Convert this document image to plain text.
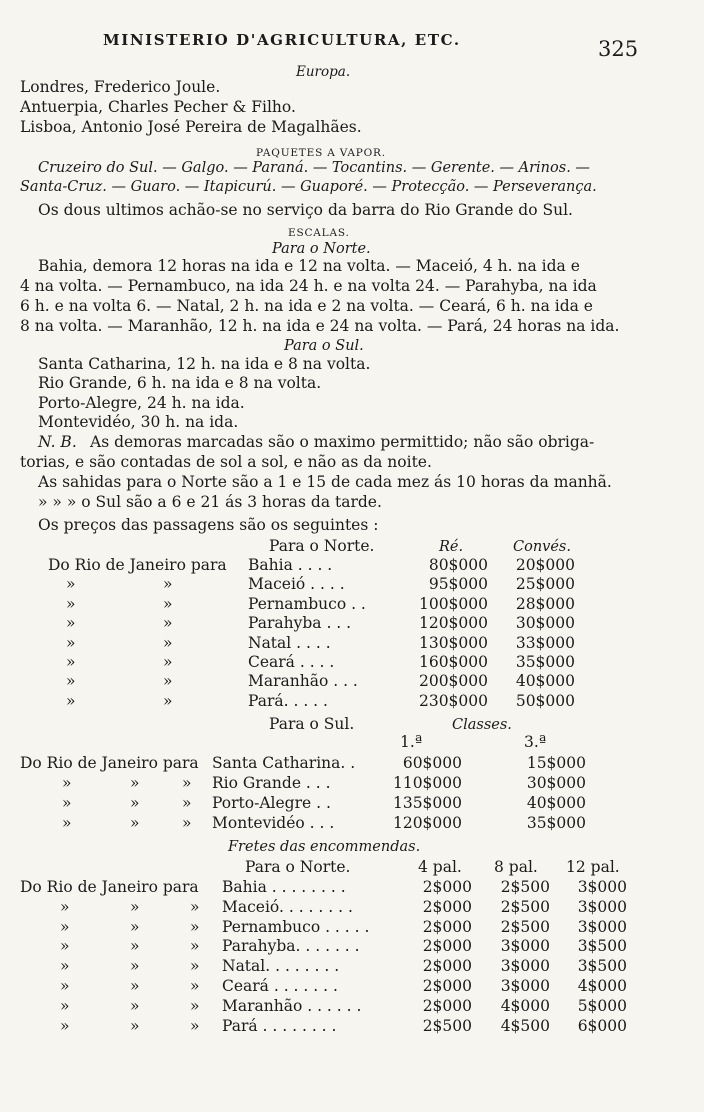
MINISTERIO D'AGRICULTURA, ETC.	325
Europa.
Londres, Frederico Joule.
Antuerpia, Charles Pecher & Filho.
Lisboa, Antonio José Pereira de Magalhães.
PAQUETES A VAPOR.
Cruzeiro do Sul. — Galgo. — Paraná. — Tocantins. — Gerente. — Arinos. —
Santa-Cruz. — Guaro. — Itapicurú. — Guaporé. — Protecção. — Perseverança.
Os dous ultimos achão-se no serviço da barra do Rio Grande do Sul.
ESCALAS.
Para o Norte.
Bahia, demora 12 horas na ida e 12 na volta. — Maceió, 4 h. na ida e
4 na volta. — Pernambuco, na ida 24 h. e na volta 24. — Parahyba, na ida
6 h. e na volta 6. — Natal, 2 h. na ida e 2 na volta. — Ceará, 6 h. na ida e
8 na volta. — Maranhão, 12 h. na ida e 24 na volta. — Pará, 24 horas na ida.
Para o Sul.
Santa Catharina, 12 h. na ida e 8 na volta.
Rio Grande, 6 h. na ida e 8 na volta.
Porto-Alegre, 24 h. na ida.
Montevidéo, 30 h. na ida.
N. B. As demoras marcadas são o maximo permittido; não são obriga-
torias, e são contadas de sol a sol, e não as da noite.
As sahidas para o Norte são a 1 e 15 de cada mez ás 10 horas da manhã.
» » » o Sul são a 6 e 21 ás 3 horas da tarde.
Os preços das passagens são os seguintes :
Para o Norte.	Ré.	Convés.
Do Rio de Janeiro para Bahia . . . .	80$000 20$000
»	»	Maceió . . . .	95$000 25$000
»	»	Pernambuco . .	100$000 28$000
»	»	Parahyba . . .	120$000 30$000
»	»	Natal . . . .	130$000 33$000
»	»	Ceará . . . .	160$000 35$000
»	»	Maranhão . . .	200$000 40$000
»	»	Pará. . . . .	230$000 50$000
Para o Sul.	Classes.
1.ª	3.ª
Do Rio de Janeiro para Santa Catharina. .	60$000	15$000
»	»	» Rio Grande . . .	110$000	30$000
»	»	» Porto-Alegre . .	135$000	40$000
»	»	» Montevidéo . . .	120$000	35$000
Fretes das encommendas.
Para o Norte.	4 pal. 8 pal. 12 pal.
Do Rio de Janeiro para Bahia . . . . . . . .	2$000 2$500 3$000
»	»	» Maceió. . . . . . . .	2$000 2$500 3$000
»	»	» Pernambuco . . . . .	2$000 2$500 3$000
»	»	» Parahyba. . . . . . .	2$000 3$000 3$500
»	»	» Natal. . . . . . . .	2$000 3$000 3$500
»	»	» Ceará . . . . . . .	2$000 3$000 4$000
»	»	» Maranhão . . . . . .	2$000 4$000 5$000
»	»	» Pará . . . . . . . .	2$500 4$500 6$000
